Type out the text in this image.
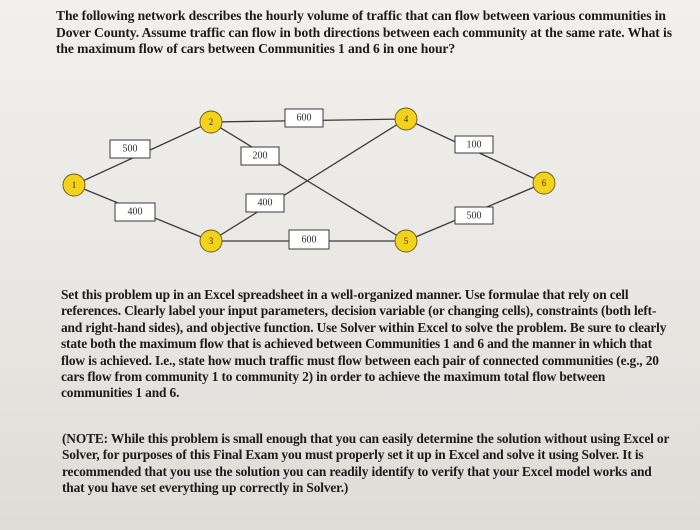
The following network describes the hourly volume of traffic that can flow between various communities in Dover County. Assume traffic can flow in both directions between each community at the same rate. What is the maximum flow of cars between Communities 1 and 6 in one hour?
500
400
200
400
600
600
100
500
1
2
3
4
5
6
Set this problem up in an Excel spreadsheet in a well-organized manner. Use formulae that rely on cell references. Clearly label your input parameters, decision variable (or changing cells), constraints (both left- and right-hand sides), and objective function. Use Solver within Excel to solve the problem. Be sure to clearly state both the maximum flow that is achieved between Communities 1 and 6 and the manner in which that flow is achieved. I.e., state how much traffic must flow between each pair of connected communities (e.g., 20 cars flow from community 1 to community 2) in order to achieve the maximum total flow between communities 1 and 6.
(NOTE: While this problem is small enough that you can easily determine the solution without using Excel or Solver, for purposes of this Final Exam you must properly set it up in Excel and solve it using Solver. It is recommended that you use the solution you can readily identify to verify that your Excel model works and that you have set everything up correctly in Solver.)
